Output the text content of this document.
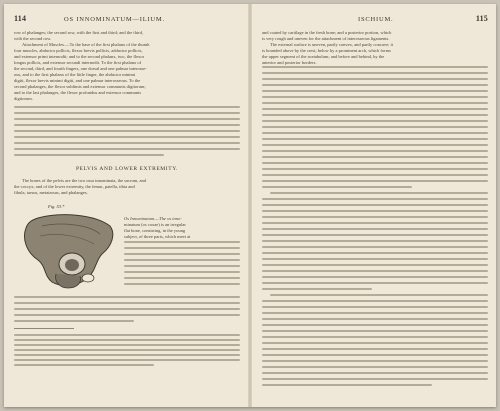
114	OS INNOMINATUM—ILIUM.
row of phalanges; the second row, with the first and third; and the third,
with the second row.
Attachment of Muscles.—To the base of the first phalanx of the thumb
four muscles, abductor pollicis, flexor brevis pollicis, adductor pollicis,
and extensor primi internodii; and to the second phalanx, two, the flexor
longus pollicis, and extensor secundi internodii. To the first phalanx of
the second, third, and fourth fingers, one dorsal and one palmar interosse-
ous, and to the first phalanx of the little finger, the abductor minimi
digiti, flexor brevis minimi digiti, and one palmar interosseous. To the
second phalanges, the flexor sublimis and extensor communis digitorum;
and to the last phalanges, the flexor profundus and extensor communis
digitorum.
PELVIS AND LOWER EXTREMITY.
The bones of the pelvis are the two ossa innominata, the sacrum, and
the coccyx; and of the lower extremity, the femur, patella, tibia and
fibula, tarsus, metatarsus, and phalanges.
Fig. 53.*
Os Innominatum.—The os inno-
minatum (os coxae) is an irregular
flat bone, consisting, in the young
subject, of three parts, which meet at
ISCHIUM.	115
and coated by cartilage in the fresh bone; and a posterior portion, which
is very rough and uneven for the attachment of interosseous ligaments.
The external surface is uneven, partly convex, and partly concave; it
is bounded above by the crest; below by a prominent arch, which forms
the upper segment of the acetabulum; and before and behind, by the
anterior and posterior borders.
